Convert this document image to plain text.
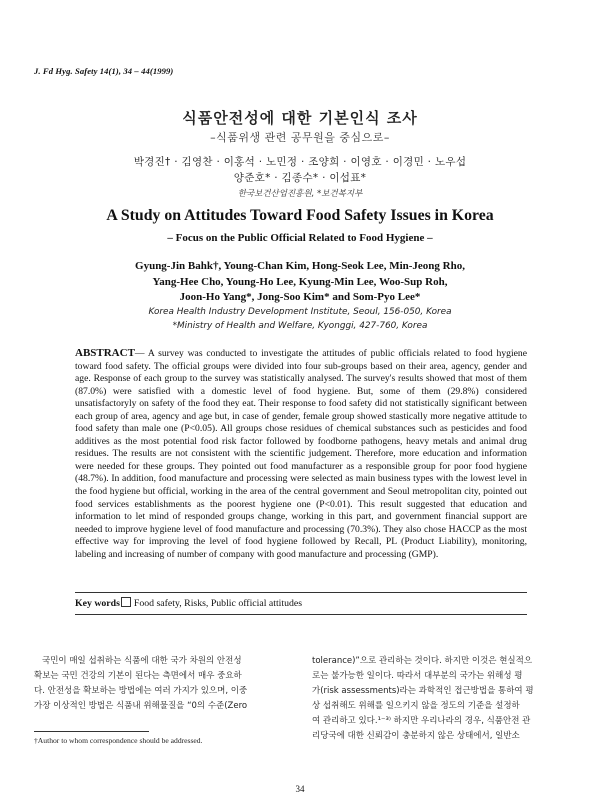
J. Fd Hyg. Safety 14(1), 34 – 44(1999)
식품안전성에 대한 기본인식 조사
–식품위생 관련 공무원을 중심으로–
박경진† · 김영찬 · 이홍석 · 노민정 · 조양희 · 이영호 · 이경민 · 노우섭
양준호* · 김종수* · 이섭표*
한국보건산업진흥원, *보건복지부
A Study on Attitudes Toward Food Safety Issues in Korea
– Focus on the Public Official Related to Food Hygiene –
Gyung-Jin Bahk†, Young-Chan Kim, Hong-Seok Lee, Min-Jeong Rho,
Yang-Hee Cho, Young-Ho Lee, Kyung-Min Lee, Woo-Sup Roh,
Joon-Ho Yang*, Jong-Soo Kim* and Som-Pyo Lee*
Korea Health Industry Development Institute, Seoul, 156-050, Korea
*Ministry of Health and Welfare, Kyonggi, 427-760, Korea
ABSTRACT— A survey was conducted to investigate the attitudes of public officials related to food hygiene toward food safety. The official groups were divided into four sub-groups based on their area, agency, gender and age. Response of each group to the survey was statistically analysed. The survey's results showed that most of them (87.0%) were satisfied with a domestic level of food hygiene. But, some of them (29.8%) considered unsatisfactoryly on safety of the food they eat. Their response to food safety did not statistically significant between each group of area, agency and age but, in case of gender, female group showed stastically more negative attitude to food safety than male one (P<0.05). All groups chose residues of chemical substances such as pesticides and food additives as the most potential food risk factor followed by foodborne pathogens, heavy metals and animal drug residues. The results are not consistent with the scientific judgement. Therefore, more education and information were needed for these groups. They pointed out food manufacturer as a responsible group for poor food hygiene (48.7%). In addition, food manufacture and processing were selected as main business types with the lowest level in the food hygiene but official, working in the area of the central government and Seoul metropolitan city, pointed out food services establishments as the poorest hygiene one (P<0.01). This result suggested that education and information to let mind of responded groups change, working in this part, and government financial support are needed to improve hygiene level of food manufacture and processing (70.3%). They also chose HACCP as the most effective way for improving the level of food hygiene followed by Recall, PL (Product Liability), monitoring, labeling and increasing of number of company with good manufacture and processing (GMP).
Key words Food safety, Risks, Public official attitudes
국민이 매일 섭취하는 식품에 대한 국가 차원의 안전성
확보는 국민 건강의 기본이 된다는 측면에서 매우 중요하
다. 안전성을 확보하는 방법에는 여러 가지가 있으며, 이중
가장 이상적인 방법은 식품내 위해물질을 “0의 수준(Zero
tolerance)”으로 관리하는 것이다. 하지만 이것은 현실적으
로는 불가능한 일이다. 따라서 대부분의 국가는 위해성 평
가(risk assessments)라는 과학적인 접근방법을 통하여 평
상 섭취해도 위해를 일으키지 않을 정도의 기준을 설정하
여 관리하고 있다.¹⁻³⁾ 하지만 우리나라의 경우, 식품안전 관
리당국에 대한 신뢰감이 충분하지 않은 상태에서, 일반소
†Author to whom correspondence should be addressed.
34
